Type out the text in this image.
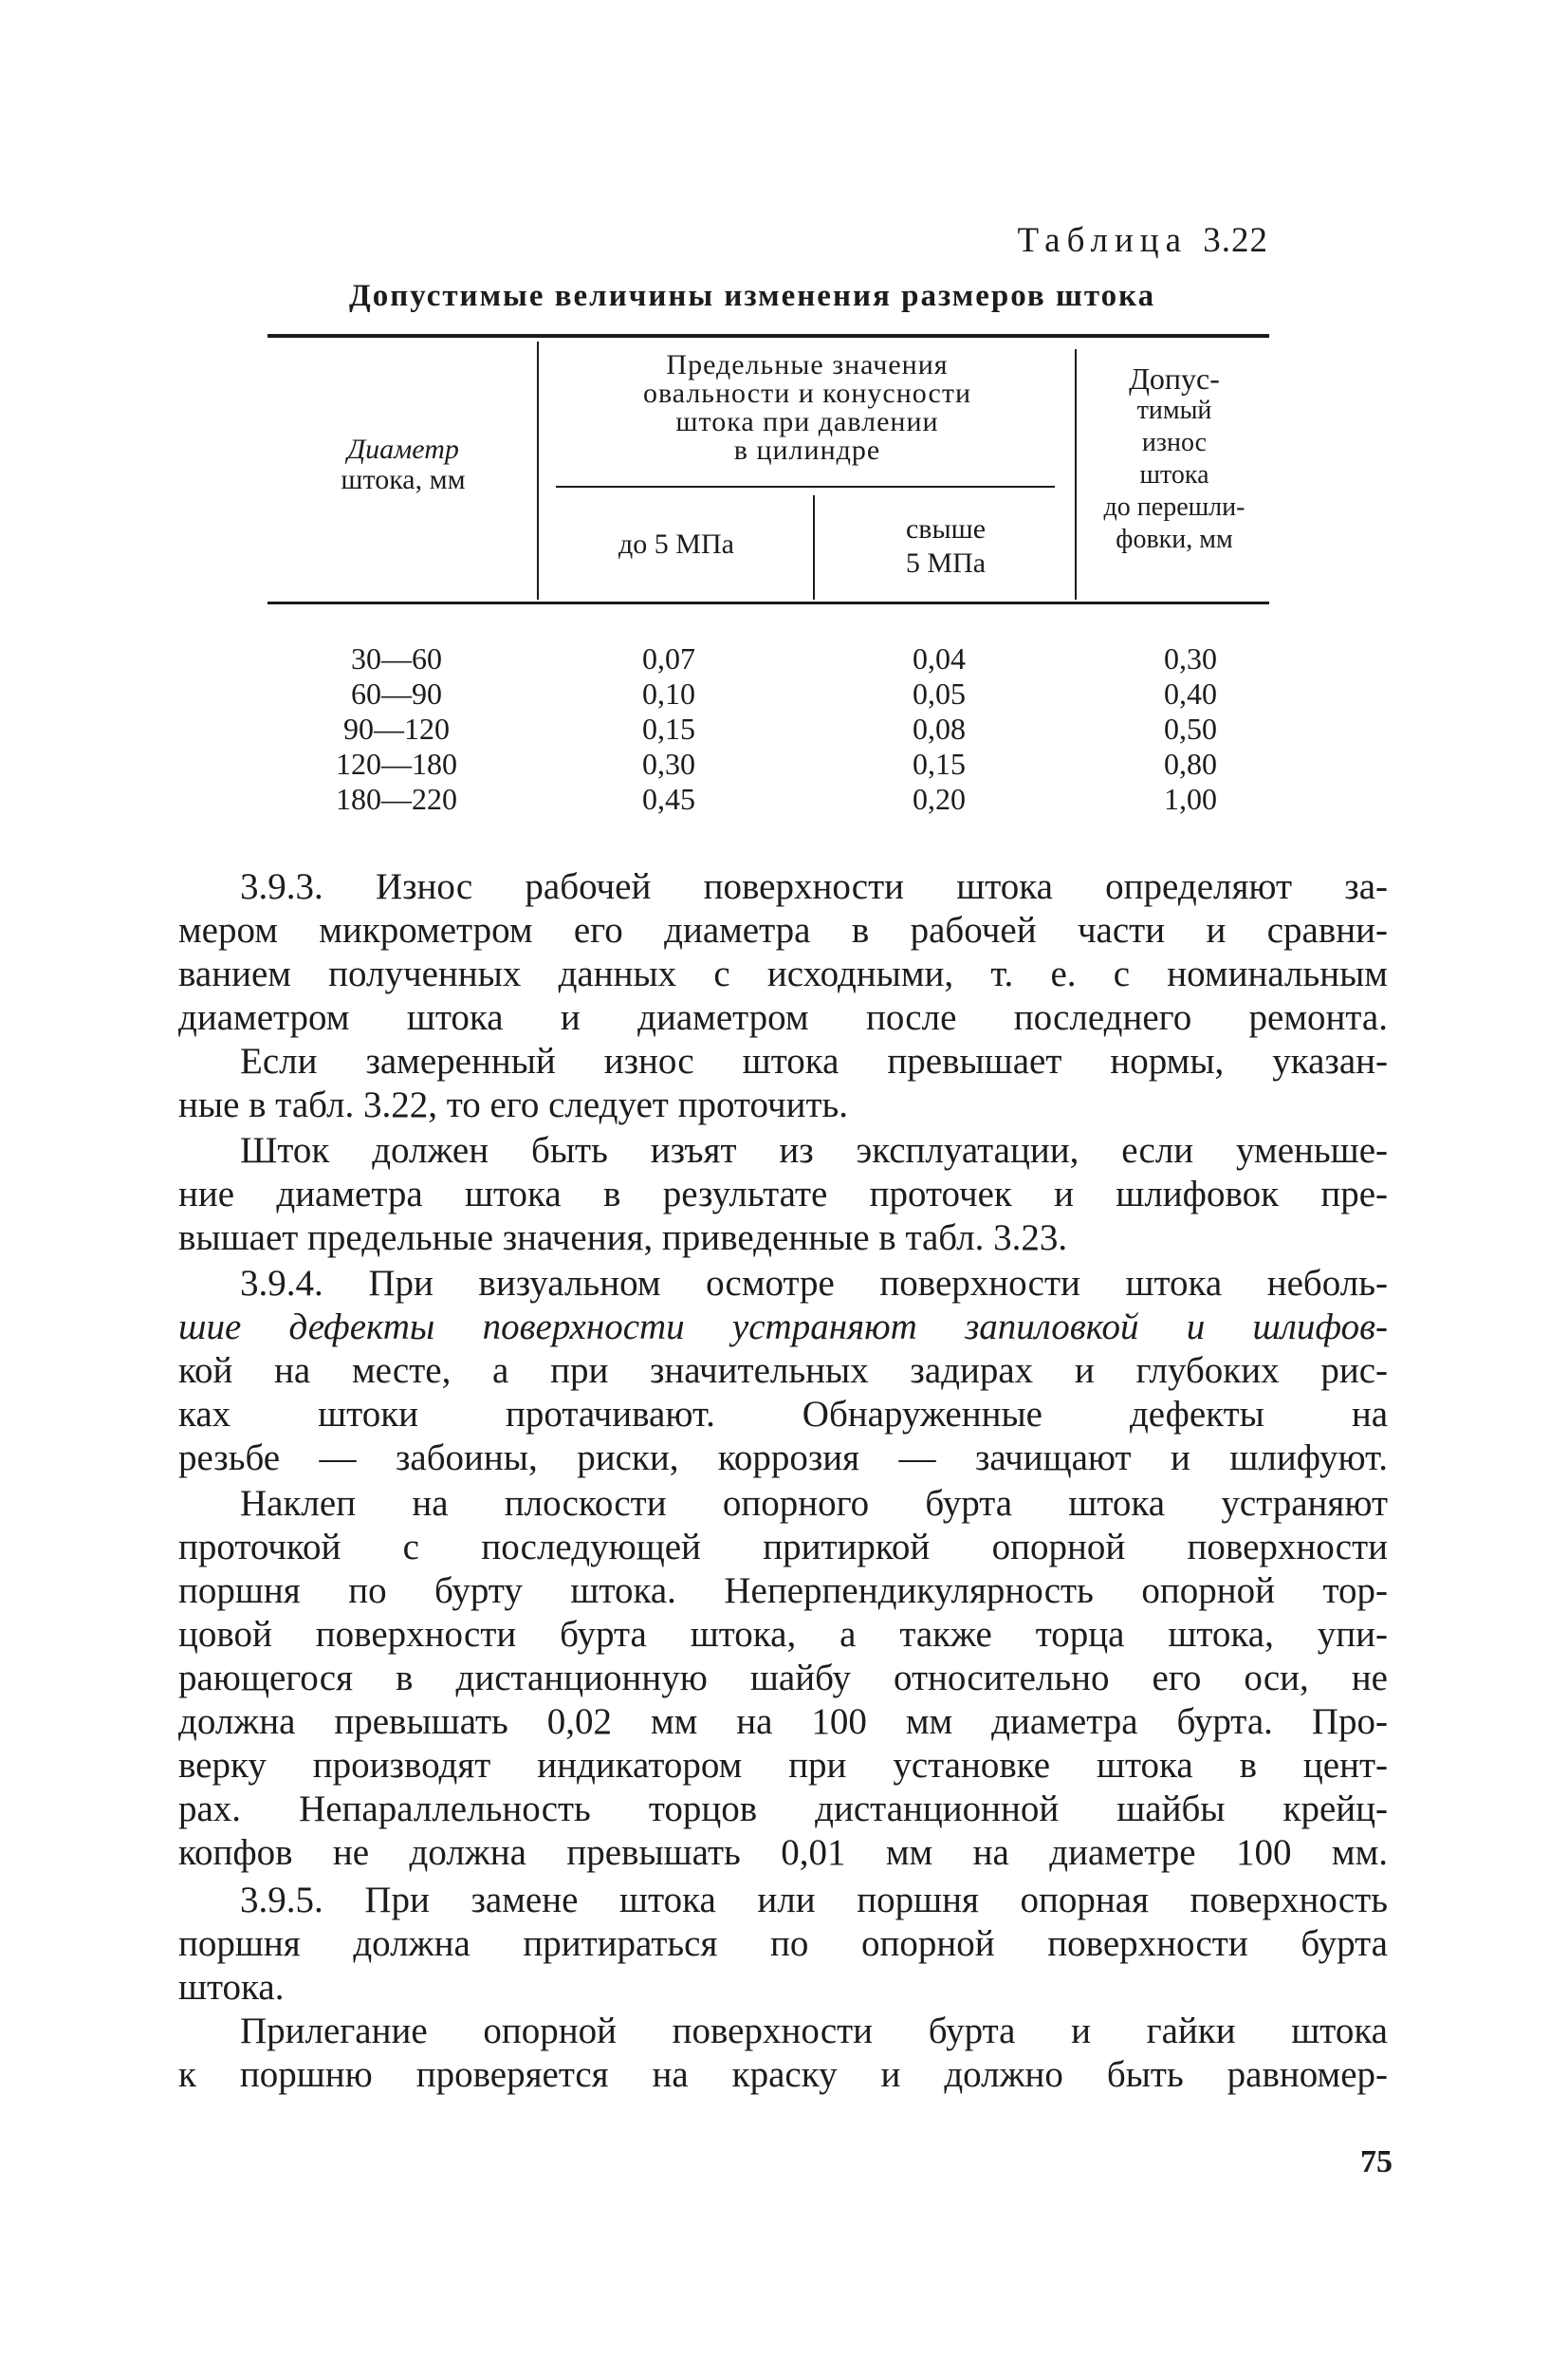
Таблица 3.22
Допустимые величины изменения размеров штока
Диаметр
штока, мм
Предельные значения
овальности и конусности
штока при давлении
в цилиндре
до 5 МПа	свыше
5 МПа
Допус-
тимый
износ
штока
до перешли-
фовки, мм
30—60
60—90
90—120
120—180
180—220
0,07
0,10
0,15
0,30
0,45
0,04
0,05
0,08
0,15
0,20
0,30
0,40
0,50
0,80
1,00
3.9.3. Износ рабочей поверхности штока определяют за-
мером микрометром его диаметра в рабочей части и сравни-
ванием полученных данных с исходными, т. е. с номинальным
диаметром штока и диаметром после последнего ремонта.
Если замеренный износ штока превышает нормы, указан-
ные в табл. 3.22, то его следует проточить.
Шток должен быть изъят из эксплуатации, если уменьше-
ние диаметра штока в результате проточек и шлифовок пре-
вышает предельные значения, приведенные в табл. 3.23.
3.9.4. При визуальном осмотре поверхности штока неболь-
шие дефекты поверхности устраняют запиловкой и шлифов-
кой на месте, а при значительных задирах и глубоких рис-
ках штоки протачивают. Обнаруженные дефекты на
резьбе — забоины, риски, коррозия — зачищают и шлифуют.
Наклеп на плоскости опорного бурта штока устраняют
проточкой с последующей притиркой опорной поверхности
поршня по бурту штока. Неперпендикулярность опорной тор-
цовой поверхности бурта штока, а также торца штока, упи-
рающегося в дистанционную шайбу относительно его оси, не
должна превышать 0,02 мм на 100 мм диаметра бурта. Про-
верку производят индикатором при установке штока в цент-
рах. Непараллельность торцов дистанционной шайбы крейц-
копфов не должна превышать 0,01 мм на диаметре 100 мм.
3.9.5. При замене штока или поршня опорная поверхность
поршня должна притираться по опорной поверхности бурта
штока.
Прилегание опорной поверхности бурта и гайки штока
к поршню проверяется на краску и должно быть равномер-
75
